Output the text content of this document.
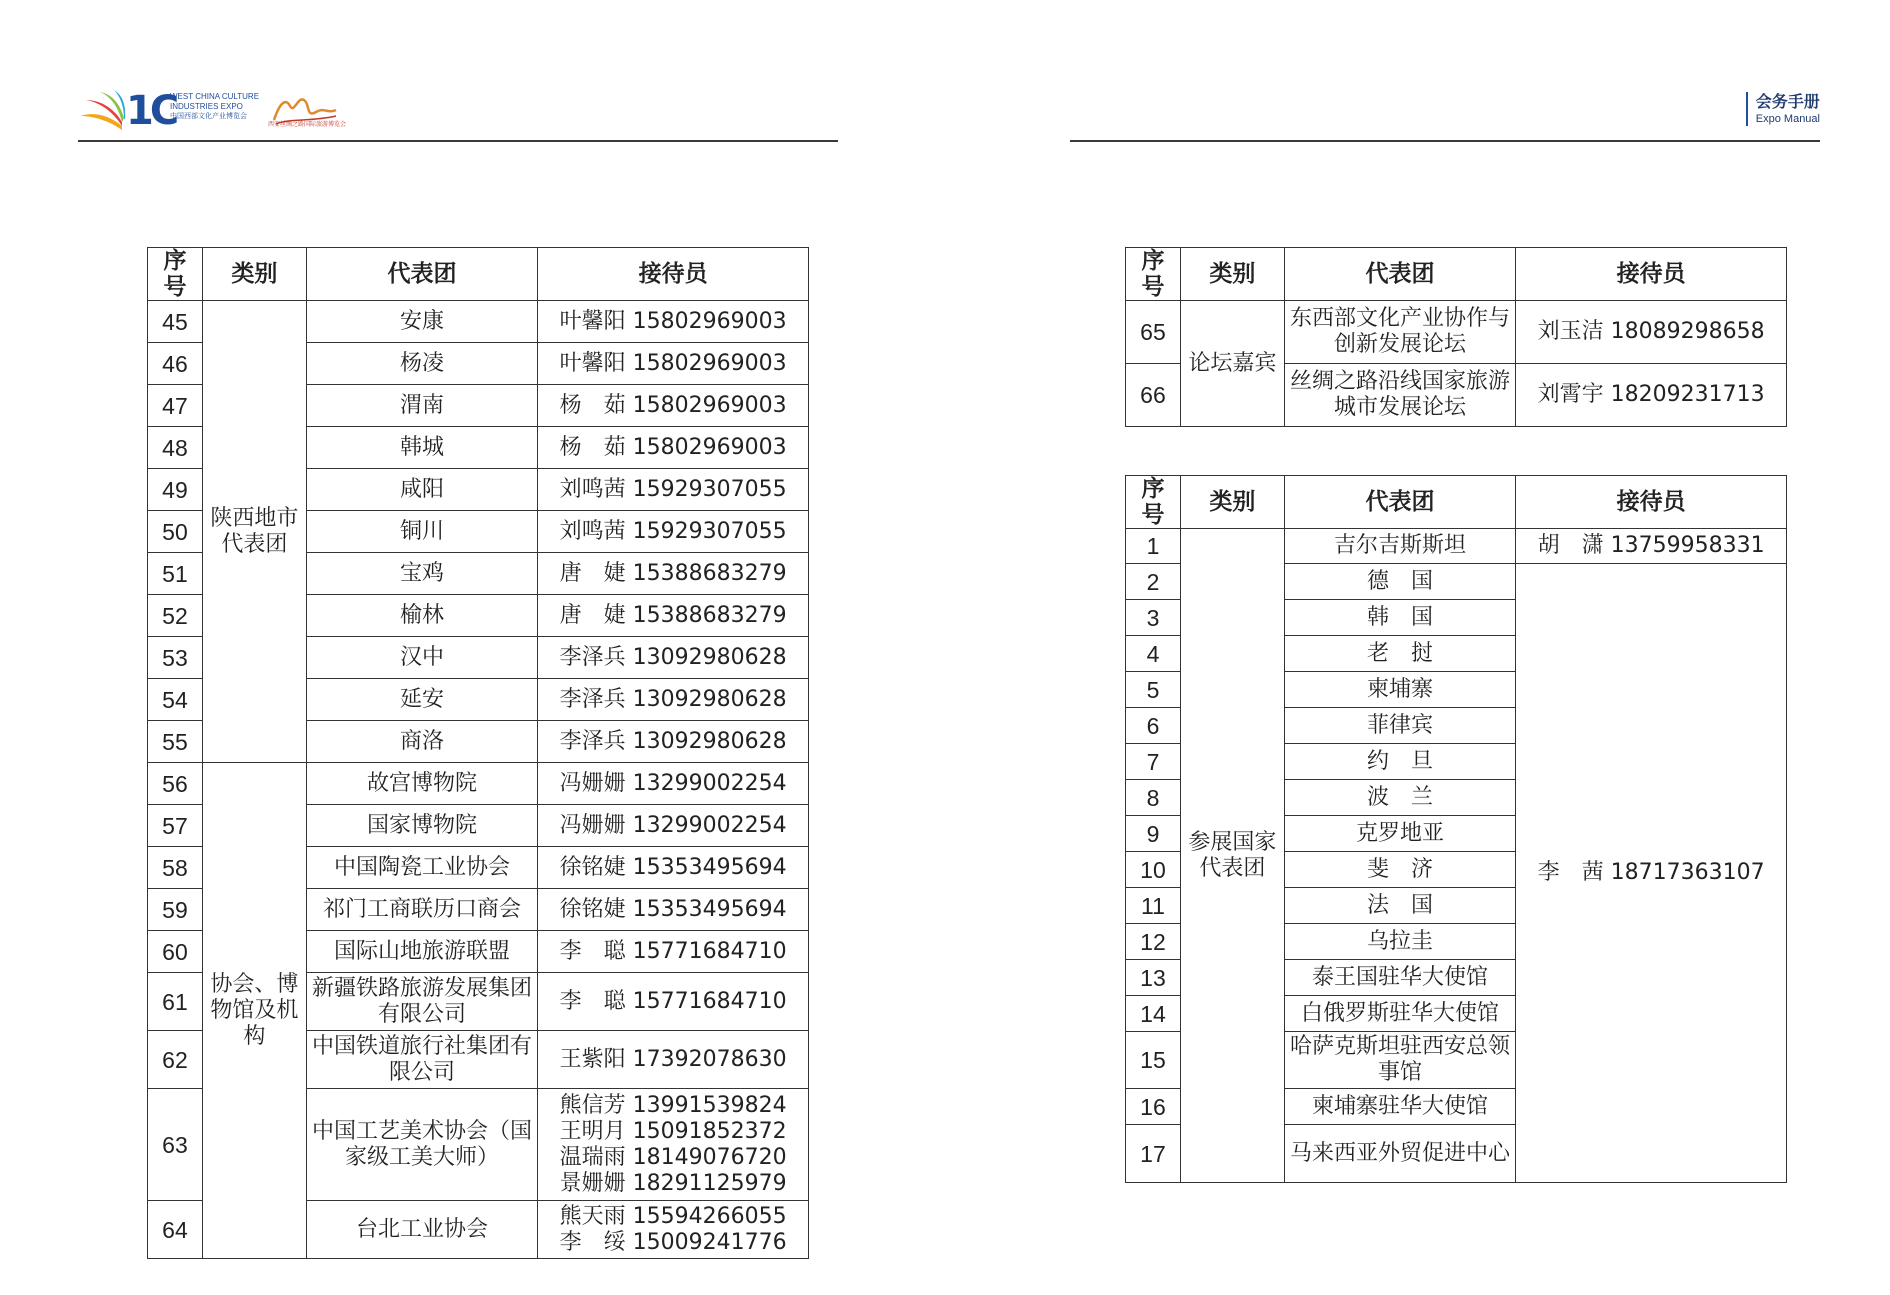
1C
WEST CHINA CULTURE
INDUSTRIES EXPO
中国西部文化产业博览会
西安丝绸之路国际旅游博览会
会务手册
Expo Manual
序号	类别	代表团	接待员
45	陕西地市代表团	安康	叶馨阳 15802969003
46		杨凌	叶馨阳 15802969003
47		渭南	杨　茹 15802969003
48		韩城	杨　茹 15802969003
49		咸阳	刘鸣茜 15929307055
50		铜川	刘鸣茜 15929307055
51		宝鸡	唐　婕 15388683279
52		榆林	唐　婕 15388683279
53		汉中	李泽兵 13092980628
54		延安	李泽兵 13092980628
55		商洛	李泽兵 13092980628
56	协会、博物馆及机构	故宫博物院	冯姗姗 13299002254
57		国家博物院	冯姗姗 13299002254
58		中国陶瓷工业协会	徐铭婕 15353495694
59		祁门工商联历口商会	徐铭婕 15353495694
60		国际山地旅游联盟	李　聪 15771684710
61		新疆铁路旅游发展集团有限公司	李　聪 15771684710
62		中国铁道旅行社集团有限公司	王紫阳 17392078630
63		中国工艺美术协会（国家级工美大师）	熊信芳 13991539824
王明月 15091852372
温瑞雨 18149076720
景姗姗 18291125979

64		台北工业协会	熊天雨 15594266055
李　绥 15009241776
序号	类别	代表团	接待员
65	论坛嘉宾	东西部文化产业协作与创新发展论坛	刘玉洁 18089298658
66		丝绸之路沿线国家旅游城市发展论坛	刘霄宇 18209231713
序号	类别	代表团	接待员
1	参展国家代表团	吉尔吉斯斯坦	胡　潇 13759958331
2		德　国	李　茜 18717363107
3		韩　国	
4		老　挝	
5		柬埔寨	
6		菲律宾	
7		约　旦	
8		波　兰	
9		克罗地亚	
10		斐　济	
11		法　国	
12		乌拉圭	
13		泰王国驻华大使馆	
14		白俄罗斯驻华大使馆	
15		哈萨克斯坦驻西安总领事馆	
16		柬埔寨驻华大使馆	
17		马来西亚外贸促进中心	
